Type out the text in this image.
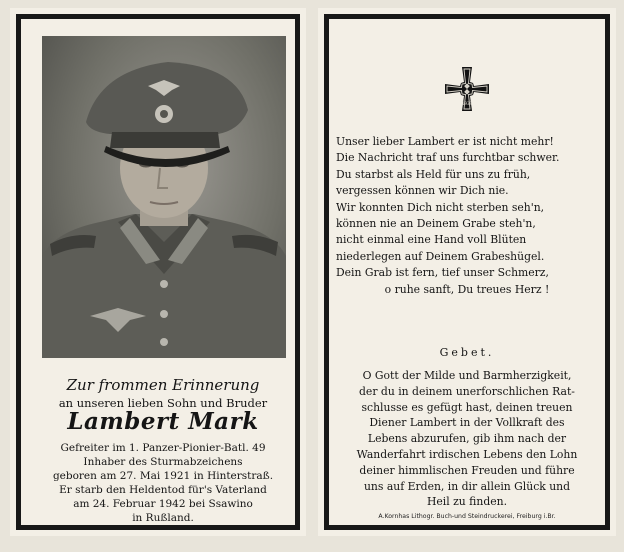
Zur frommen Erinnerung
an unseren lieben Sohn und Bruder
Lambert Mark
Gefreiter im 1. Panzer-Pionier-Batl. 49
Inhaber des Sturmabzeichens
geboren am 27. Mai 1921 in Hinterstraß.
Er starb den Heldentod für's Vaterland
am 24. Februar 1942 bei Ssawino
in Rußland.
1939
Unser lieber Lambert er ist nicht mehr!
Die Nachricht traf uns furchtbar schwer.
Du starbst als Held für uns zu früh,
vergessen können wir Dich nie.
Wir konnten Dich nicht sterben seh'n,
können nie an Deinem Grabe steh'n,
nicht einmal eine Hand voll Blüten
niederlegen auf Deinem Grabeshügel.
Dein Grab ist fern, tief unser Schmerz,
o ruhe sanft, Du treues Herz !
Gebet.
O Gott der Milde und Barmherzigkeit,
der du in deinem unerforschlichen Rat-
schlusse es gefügt hast, deinen treuen
Diener Lambert in der Vollkraft des
Lebens abzurufen, gib ihm nach der
Wanderfahrt irdischen Lebens den Lohn
deiner himmlischen Freuden und führe
uns auf Erden, in dir allein Glück und
Heil zu finden.
A.Kornhas Lithogr. Buch-und Steindruckerei, Freiburg i.Br.
